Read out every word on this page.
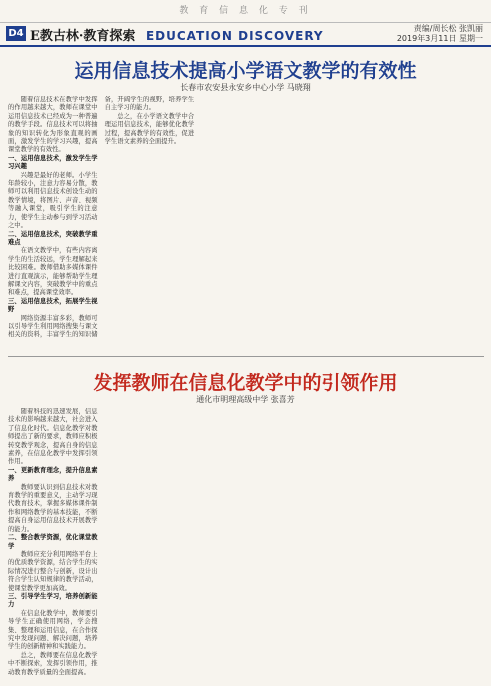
教 育 信 息 化 专 刊
D4 E教古林·教育探索 EDUCATION DISCOVERY
责编/周长松 张凯丽
2019年3月11日 星期一
运用信息技术提高小学语文教学的有效性
长春市农安县永安乡中心小学 马晓翔

随着信息技术在教学中发挥的作用越来越大，教师在课堂中运用信息技术已经成为一种普遍的教学手段。信息技术可以将抽象的知识转化为形象直观的画面，激发学生的学习兴趣，提高课堂教学的有效性。

一、运用信息技术，激发学生学习兴趣

兴趣是最好的老师。小学生年龄较小，注意力容易分散，教师可以利用信息技术创设生动的教学情境，将图片、声音、视频等融入课堂，吸引学生的注意力，使学生主动参与到学习活动之中。

二、运用信息技术，突破教学重难点

在语文教学中，有些内容离学生的生活较远，学生理解起来比较困难。教师借助多媒体课件进行直观演示，能够帮助学生理解课文内容，突破教学中的重点和难点，提高课堂效率。

三、运用信息技术，拓展学生视野

网络资源丰富多彩，教师可以引导学生利用网络搜集与课文相关的资料，丰富学生的知识储备，开阔学生的视野，培养学生自主学习的能力。

总之，在小学语文教学中合理运用信息技术，能够优化教学过程，提高教学的有效性，促进学生语文素养的全面提升。

发挥教师在信息化教学中的引领作用
通化市明理高级中学 张喜芳

随着科技的迅速发展，信息技术的影响越来越大，社会进入了信息化时代。信息化教学对教师提出了新的要求，教师应积极转变教学观念，提高自身的信息素养，在信息化教学中发挥引领作用。

一、更新教育理念，提升信息素养

教师要认识到信息技术对教育教学的重要意义，主动学习现代教育技术，掌握多媒体课件制作和网络教学的基本技能，不断提高自身运用信息技术开展教学的能力。

二、整合教学资源，优化课堂教学

教师应充分利用网络平台上的优质教学资源，结合学生的实际情况进行整合与创新，设计出符合学生认知规律的教学活动，使课堂教学更加高效。

三、引导学生学习，培养创新能力

在信息化教学中，教师要引导学生正确使用网络，学会搜集、整理和运用信息，在合作探究中发现问题、解决问题，培养学生的创新精神和实践能力。

总之，教师要在信息化教学中不断探索，发挥引领作用，推动教育教学质量的全面提高。
